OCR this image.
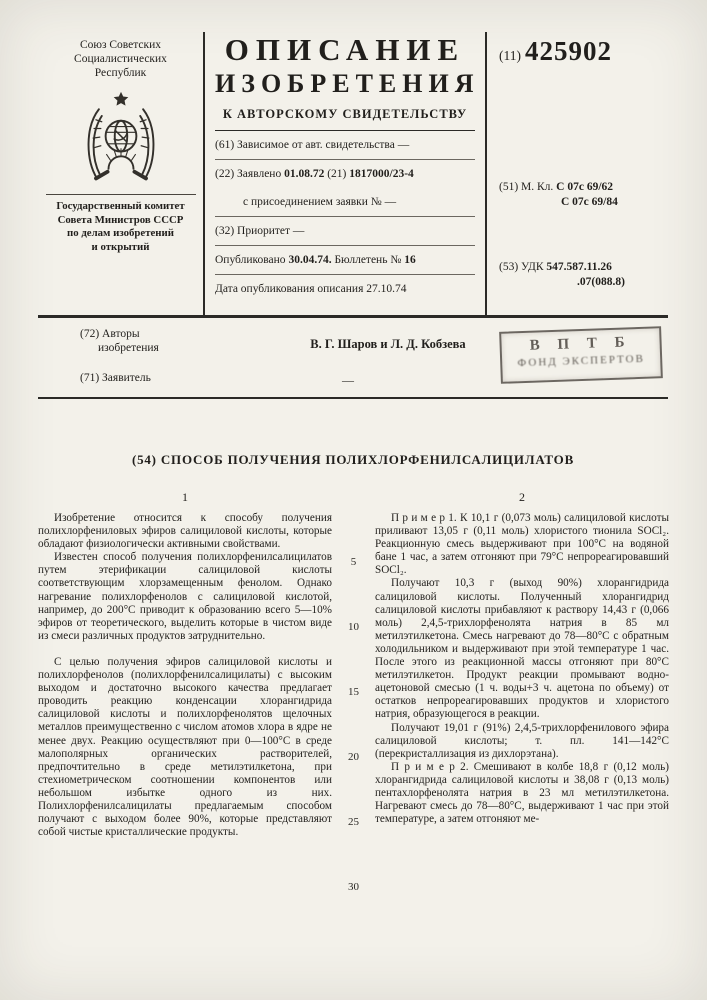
Союз Советских
Социалистических
Республик
Государственный комитет
Совета Министров СССР
по делам изобретений
и открытий
ОПИСАНИЕ
ИЗОБРЕТЕНИЯ
К АВТОРСКОМУ СВИДЕТЕЛЬСТВУ
(61) Зависимое от авт. свидетельства —
(22) Заявлено 01.08.72 (21) 1817000/23-4
с присоединением заявки № —
(32) Приоритет —
Опубликовано 30.04.74. Бюллетень № 16
Дата опубликования описания 27.10.74
(11) 425902
(51) М. Кл. С 07с 69/62
С 07с 69/84
(53) УДК 547.587.11.26
.07(088.8)
(72) Авторы
изобретения	В. Г. Шаров и Л. Д. Кобзева
(71) Заявитель	—
В П Т Б
ФОНД ЭКСПЕРТОВ
(54) СПОСОБ ПОЛУЧЕНИЯ ПОЛИХЛОРФЕНИЛСАЛИЦИЛАТОВ
1	2

Изобретение относится к способу получения полихлорфениловых эфиров салициловой кислоты, которые обладают физиологически активными свойствами.

Известен способ получения полихлорфенилсалицилатов путем этерификации салициловой кислоты соответствующим хлорзамещенным фенолом. Однако нагревание полихлорфенолов с салициловой кислотой, например, до 200°С приводит к образованию всего 5—10% эфиров от теоретического, выделить которые в чистом виде из смеси различных продуктов затруднительно.

С целью получения эфиров салициловой кислоты и полихлорфенолов (полихлорфенилсалицилаты) с высоким выходом и достаточно высокого качества предлагает проводить реакцию конденсации хлорангидрида салициловой кислоты и полихлорфенолятов щелочных металлов преимущественно с числом атомов хлора в ядре не менее двух. Реакцию осуществляют при 0—100°С в среде малополярных органических растворителей, предпочтительно в среде метилэтилкетона, при стехиометрическом соотношении компонентов или небольшом избытке одного из них. Полихлорфенилсалицилаты предлагаемым способом получают с выходом более 90%, которые представляют собой чистые кристаллические продукты.

5
10
15
20
25
30

П р и м е р 1. К 10,1 г (0,073 моль) салициловой кислоты приливают 13,05 г (0,11 моль) хлористого тионила SOCl₂. Реакционную смесь выдерживают при 100°С на водяной бане 1 час, а затем отгоняют при 79°С непрореагировавший SOCl₂.

Получают 10,3 г (выход 90%) хлорангидрида салициловой кислоты. Полученный хлорангидрид салициловой кислоты прибавляют к раствору 14,43 г (0,066 моль) 2,4,5-трихлорфенолята натрия в 85 мл метилэтилкетона. Смесь нагревают до 78—80°С с обратным холодильником и выдерживают при этой температуре 1 час. После этого из реакционной массы отгоняют при 80°С метилэтилкетон. Продукт реакции промывают водно-ацетоновой смесью (1 ч. воды+3 ч. ацетона по объему) от остатков непрореагировавших продуктов и хлористого натрия, образующегося в реакции.

Получают 19,01 г (91%) 2,4,5-трихлорфенилового эфира салициловой кислоты; т. пл. 141—142°С (перекристаллизация из дихлорэтана).

П р и м е р 2. Смешивают в колбе 18,8 г (0,12 моль) хлорангидрида салициловой кислоты и 38,08 г (0,13 моль) пентахлорфенолята натрия в 23 мл метилэтилкетона. Нагревают смесь до 78—80°С, выдерживают 1 час при этой температуре, а затем отгоняют ме-
